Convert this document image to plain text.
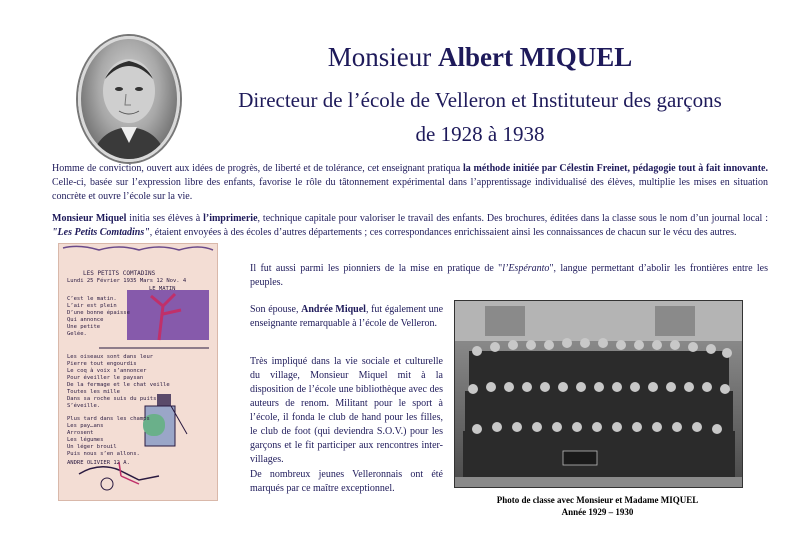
Monsieur Albert MIQUEL
Directeur de l’école de Velleron et Instituteur des garçons
de 1928 à 1938

Homme de conviction, ouvert aux idées de progrès, de liberté et de tolérance, cet enseignant pratiqua la méthode initiée par Célestin Freinet, pédagogie tout à fait innovante. Celle-ci, basée sur l’expression libre des enfants, favorise le rôle du tâtonnement expérimental dans l’apprentissage individualisé des élèves, multiplie les mises en situation concrète et ouvre l’école sur la vie.

Monsieur Miquel initia ses élèves à l’imprimerie, technique capitale pour valoriser le travail des enfants. Des brochures, éditées dans la classe sous le nom d’un journal local : "Les Petits Comtadins", étaient envoyées à des écoles d’autres départements ; ces correspondances enrichissaient ainsi les connaissances de chacun sur le vécu des autres.

Il fut aussi parmi les pionniers de la mise en pratique de "l’Espéranto", langue permettant d’abolir les frontières entre les peuples.

Son épouse, Andrée Miquel, fut également une enseignante remarquable à l’école de Velleron.

Très impliqué dans la vie sociale et culturelle du village, Monsieur Miquel mit à la disposition de l’école une bibliothèque avec des auteurs de renom. Militant pour le sport à l’école, il fonda le club de hand pour les filles, le club de foot (qui deviendra S.O.V.) pour les garçons et le fit participer aux rencontres inter-villages.

De nombreux jeunes Velleronnais ont été marqués par ce maître exceptionnel.

LES PETITS COMTADINS
Lundi 25 Février 1935 Mars 12 Nov. 4
LE MATIN
C’est le matin.
L’air est plein
D’une bonne épaisse
Qui annonce
Une petite
Gelée.
Les oiseaux sont dans leur
Pierre tout engourdis
Le coq à voix s’annoncer
Pour éveiller le paysan
De la fermage et le chat veille
Toutes les mille
Dans sa roche suis du puits
S’éveille.
Plus tard dans les champs
Les pay…ans
Arrosent
Les légumes
Un léger brouil
Puis nous s’en allons.
ANDRE OLIVIER 12 A.

Photo de classe avec Monsieur et Madame MIQUEL
Année 1929 – 1930
